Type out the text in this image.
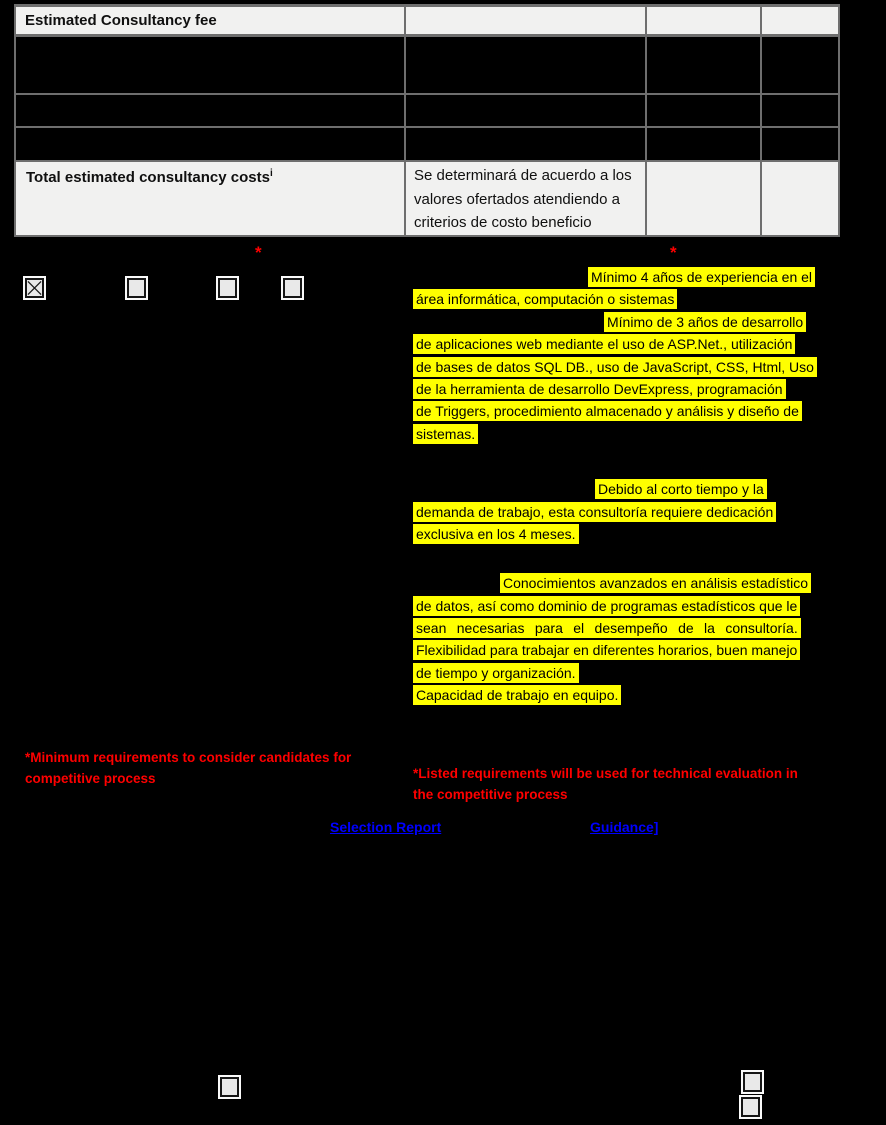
Estimated Consultancy fee			

Total estimated consultancy costs$^i$	Se determinará de acuerdo a los valores ofertados atendiendo a criterios de costo beneficio		

*	*
Mínimo 4 años de experiencia en el
área informática, computación o sistemas
Mínimo de 3 años de desarrollo
de aplicaciones web mediante el uso de ASP.Net., utilización
de bases de datos SQL DB., uso de JavaScript, CSS, Html, Uso
de la herramienta de desarrollo DevExpress, programación
de Triggers, procedimiento almacenado y análisis y diseño de
sistemas.
Debido al corto tiempo y la
demanda de trabajo, esta consultoría requiere dedicación
exclusiva en los 4 meses.
Conocimientos avanzados en análisis estadístico
de datos, así como dominio de programas estadísticos que le
sean necesarias para el desempeño de la consultoría.
Flexibilidad para trabajar en diferentes horarios, buen manejo
de tiempo y organización.
Capacidad de trabajo en equipo.
*Minimum requirements to consider candidates for
competitive process	*Listed requirements will be used for technical evaluation in
the competitive process
Selection Report	Guidance]
